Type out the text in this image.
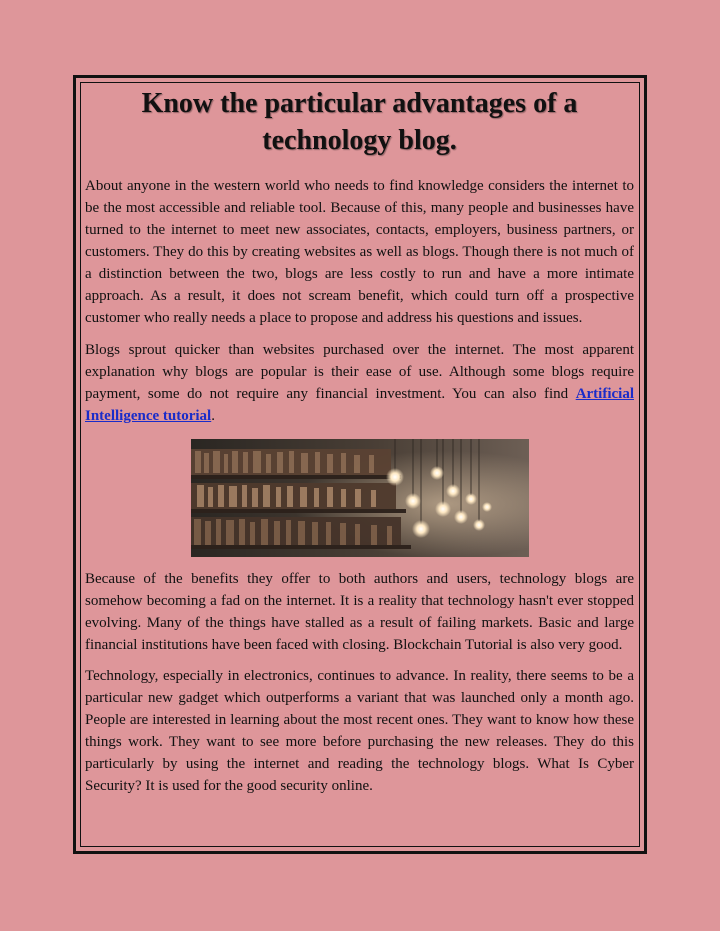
Know the particular advantages of a technology blog.

About anyone in the western world who needs to find knowledge considers the internet to be the most accessible and reliable tool. Because of this, many people and businesses have turned to the internet to meet new associates, contacts, employers, business partners, or customers. They do this by creating websites as well as blogs. Though there is not much of a distinction between the two, blogs are less costly to run and have a more intimate approach. As a result, it does not scream benefit, which could turn off a prospective customer who really needs a place to propose and address his questions and issues.

Blogs sprout quicker than websites purchased over the internet. The most apparent explanation why blogs are popular is their ease of use. Although some blogs require payment, some do not require any financial investment. You can also find Artificial Intelligence tutorial.

Because of the benefits they offer to both authors and users, technology blogs are somehow becoming a fad on the internet. It is a reality that technology hasn't ever stopped evolving. Many of the things have stalled as a result of failing markets. Basic and large financial institutions have been faced with closing. Blockchain Tutorial is also very good.

Technology, especially in electronics, continues to advance. In reality, there seems to be a particular new gadget which outperforms a variant that was launched only a month ago. People are interested in learning about the most recent ones. They want to know how these things work. They want to see more before purchasing the new releases. They do this particularly by using the internet and reading the technology blogs. What Is Cyber Security? It is used for the good security online.
